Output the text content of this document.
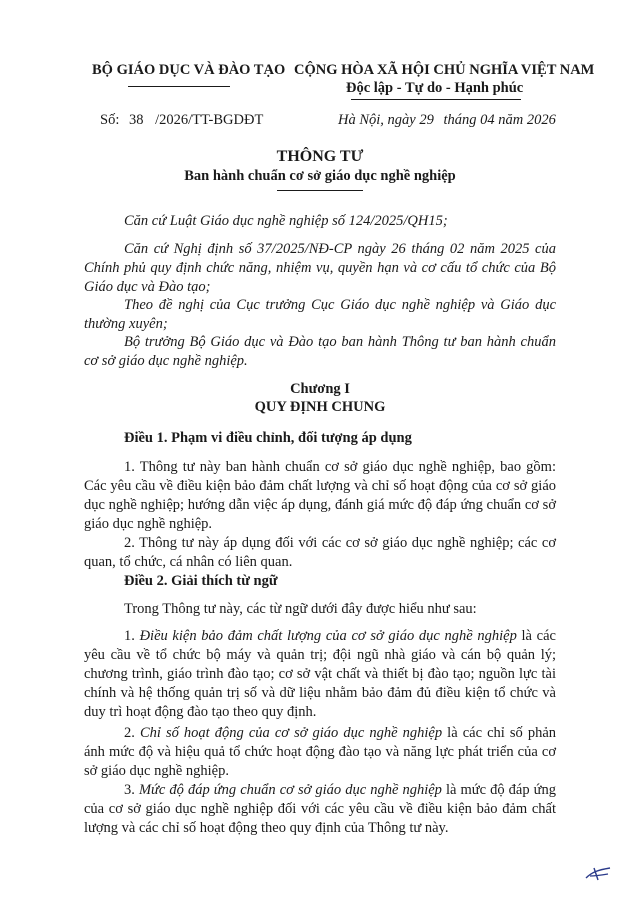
BỘ GIÁO DỤC VÀ ĐÀO TẠO CỘNG HÒA XÃ HỘI CHỦ NGHĨA VIỆT NAM
Độc lập - Tự do - Hạnh phúc
Số: 38 /2026/TT-BGDĐT	Hà Nội, ngày 29 tháng 04 năm 2026
THÔNG TƯ
Ban hành chuẩn cơ sở giáo dục nghề nghiệp
Căn cứ Luật Giáo dục nghề nghiệp số 124/2025/QH15;
Căn cứ Nghị định số 37/2025/NĐ-CP ngày 26 tháng 02 năm 2025 của Chính phủ quy định chức năng, nhiệm vụ, quyền hạn và cơ cấu tổ chức của Bộ Giáo dục và Đào tạo;
Theo đề nghị của Cục trưởng Cục Giáo dục nghề nghiệp và Giáo dục thường xuyên;
Bộ trưởng Bộ Giáo dục và Đào tạo ban hành Thông tư ban hành chuẩn cơ sở giáo dục nghề nghiệp.
Chương I
QUY ĐỊNH CHUNG
Điều 1. Phạm vi điều chỉnh, đối tượng áp dụng
1. Thông tư này ban hành chuẩn cơ sở giáo dục nghề nghiệp, bao gồm: Các yêu cầu về điều kiện bảo đảm chất lượng và chỉ số hoạt động của cơ sở giáo dục nghề nghiệp; hướng dẫn việc áp dụng, đánh giá mức độ đáp ứng chuẩn cơ sở giáo dục nghề nghiệp.
2. Thông tư này áp dụng đối với các cơ sở giáo dục nghề nghiệp; các cơ quan, tổ chức, cá nhân có liên quan.
Điều 2. Giải thích từ ngữ
Trong Thông tư này, các từ ngữ dưới đây được hiểu như sau:
1. Điều kiện bảo đảm chất lượng của cơ sở giáo dục nghề nghiệp là các yêu cầu về tổ chức bộ máy và quản trị; đội ngũ nhà giáo và cán bộ quản lý; chương trình, giáo trình đào tạo; cơ sở vật chất và thiết bị đào tạo; nguồn lực tài chính và hệ thống quản trị số và dữ liệu nhằm bảo đảm đủ điều kiện tổ chức và duy trì hoạt động đào tạo theo quy định.
2. Chỉ số hoạt động của cơ sở giáo dục nghề nghiệp là các chỉ số phản ánh mức độ và hiệu quả tổ chức hoạt động đào tạo và năng lực phát triển của cơ sở giáo dục nghề nghiệp.
3. Mức độ đáp ứng chuẩn cơ sở giáo dục nghề nghiệp là mức độ đáp ứng của cơ sở giáo dục nghề nghiệp đối với các yêu cầu về điều kiện bảo đảm chất lượng và các chỉ số hoạt động theo quy định của Thông tư này.
